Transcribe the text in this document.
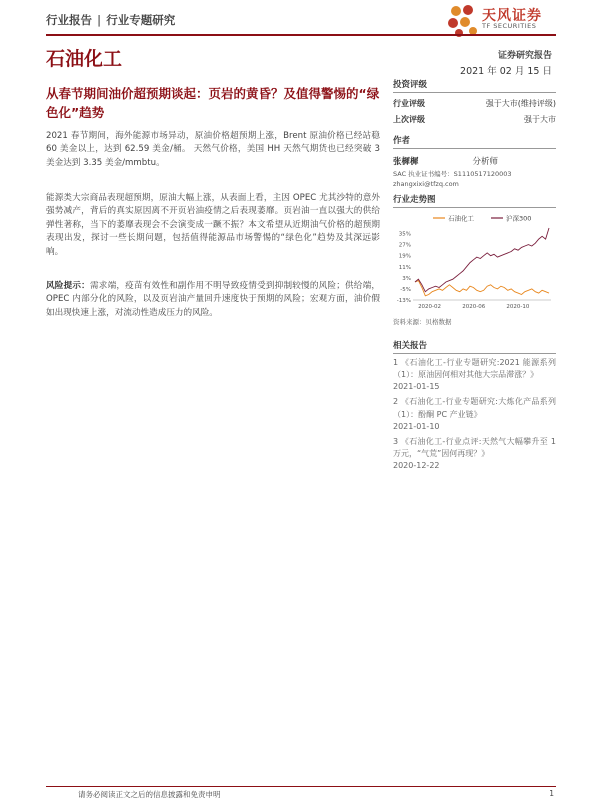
行业报告 | 行业专题研究	天风证券
TF SECURITIES
石油化工	证券研究报告
2021 年 02 月 15 日
从春节期间油价超预期谈起：页岩的黄昏？及值得警惕的“绿色化”趋势
2021 春节期间，海外能源市场异动，原油价格超预期上涨，Brent 原油价格已经站稳 60 美金以上，达到 62.59 美金/桶。 天然气价格，美国 HH 天然气期货也已经突破 3 美金达到 3.35 美金/mmbtu。
能源类大宗商品表现超预期，原油大幅上涨，从表面上看，主因 OPEC 尤其沙特的意外强势减产，背后的真实原因离不开页岩油疫情之后表现萎靡。页岩油一直以强大的供给弹性著称，当下的萎靡表现会不会演变成一蹶不振？本文希望从近期油气价格的超预期表现出发，探讨一些长期问题，包括值得能源品市场警惕的“绿色化”趋势及其深远影响。
风险提示：需求端，疫苗有效性和副作用不明导致疫情受到抑制较慢的风险；供给端，OPEC 内部分化的风险，以及页岩油产量回升速度快于预期的风险；宏观方面，油价假如出现快速上涨，对流动性造成压力的风险。
投资评级
行业评级	强于大市(维持评级)
上次评级	强于大市
作者
张樨樨	分析师
SAC 执业证书编号：S1110517120003
zhangxixi@tfzq.com
行业走势图
石油化工	沪深300
35%
27%
19%
11%
3%
-5%
-13%
2020-02	2020-06	2020-10
资料来源：贝格数据
相关报告
1 《石油化工-行业专题研究:2021 能源系列（1）：原油因何相对其他大宗品滞涨？》
2021-01-15
2 《石油化工-行业专题研究:大炼化产品系列（1）：酚酮 PC 产业链》
2021-01-10
3 《石油化工-行业点评:天然气大幅攀升至 1 万元，“气荒”因何再现？》
2020-12-22
请务必阅读正文之后的信息披露和免责申明	1
